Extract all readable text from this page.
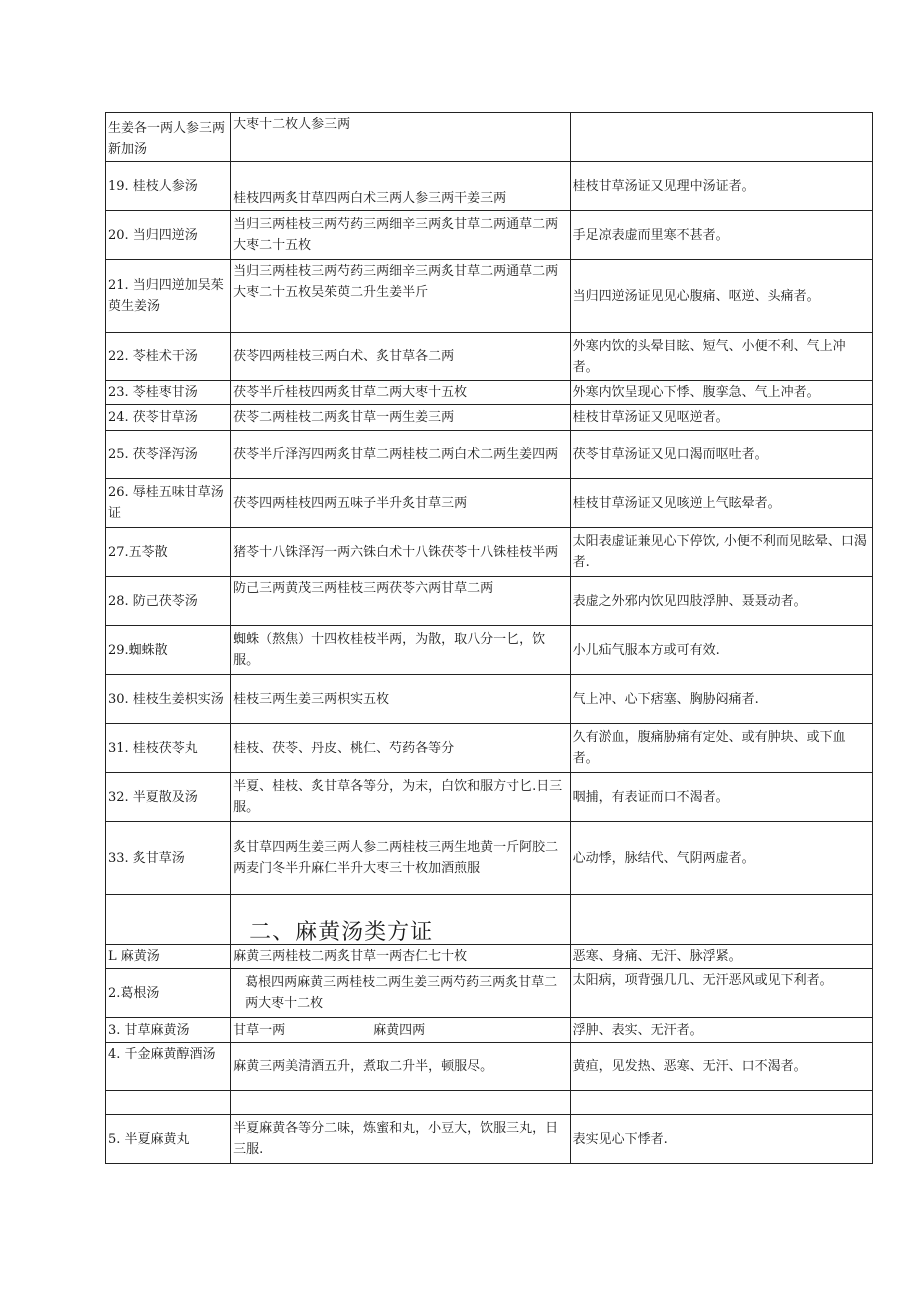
生姜各一两人参三两新加汤	大枣十二枚人参三两	
19. 桂枝人参汤	桂枝四两炙甘草四两白术三两人参三两干姜三两	桂枝甘草汤证又见理中汤证者。
20. 当归四逆汤	当归三两桂枝三两芍药三两细辛三两炙甘草二两通草二两大枣二十五枚	手足凉表虚而里寒不甚者。
21. 当归四逆加吴茱萸生姜汤	当归三两桂枝三两芍药三两细辛三两炙甘草二两通草二两大枣二十五枚吴茱萸二升生姜半斤	当归四逆汤证见见心腹痛、呕逆、头痛者。
22. 苓桂术干汤	茯苓四两桂枝三两白术、炙甘草各二两	外寒内饮的头晕目眩、短气、小便不利、气上冲者。
23. 苓桂枣甘汤	茯苓半斤桂枝四两炙甘草二两大枣十五枚	外寒内饮呈现心下悸、腹挛急、气上冲者。
24. 茯苓甘草汤	茯苓二两桂枝二两炙甘草一两生姜三两	桂枝甘草汤证又见呕逆者。
25. 茯苓泽泻汤	茯苓半斤泽泻四两炙甘草二两桂枝二两白术二两生姜四两	茯苓甘草汤证又见口渴而呕吐者。
26. 辱桂五味甘草汤证	茯苓四两桂枝四两五味子半升炙甘草三两	桂枝甘草汤证又见咳逆上气眩晕者。
27.五苓散	猪苓十八铢泽泻一两六铢白术十八铢茯苓十八铢桂枝半两	太阳表虚证兼见心下停饮, 小便不利而见眩晕、口渴者.
28. 防己茯苓汤	防己三两黄茂三两桂枝三两茯苓六两甘草二两	表虚之外邪内饮见四肢浮肿、聂聂动者。
29.蜘蛛散	蜘蛛（熬焦）十四枚桂枝半两，为散，取八分一匕，饮服。	小儿疝气服本方或可有效.
30. 桂枝生姜枳实汤	桂枝三两生姜三两枳实五枚	气上冲、心下痞塞、胸胁闷痛者.
31. 桂枝茯苓丸	桂枝、茯苓、丹皮、桃仁、芍药各等分	久有淤血，腹痛胁痛有定处、或有肿块、或下血者。
32. 半夏散及汤	半夏、桂枝、炙甘草各等分，为末，白饮和服方寸匕.日三服。	咽捕，有表证而口不渴者。
33. 炙甘草汤	炙甘草四两生姜三两人参二两桂枝三两生地黄一斤阿胶二两麦门冬半升麻仁半升大枣三十枚加酒煎服	心动悸，脉结代、气阴两虚者。
	二、麻黄汤类方证	
L 麻黄汤	麻黄三两桂枝二两炙甘草一两杏仁七十枚	恶寒、身痛、无汗、脉浮紧。
2.葛根汤	葛根四两麻黄三两桂枝二两生姜三两芍药三两炙甘草二两大枣十二枚	太阳病，项背强几几、无汗恶风或见下利者。
3. 甘草麻黄汤	甘草一两 麻黄四两	浮肿、表实、无汗者。
4. 千金麻黄醇酒汤	麻黄三两美清酒五升，煮取二升半，顿服尽。	黄疸，见发热、恶寒、无汗、口不渴者。

5. 半夏麻黄丸	半夏麻黄各等分二味，炼蜜和丸，小豆大，饮服三丸，日三服.	表实见心下悸者.
